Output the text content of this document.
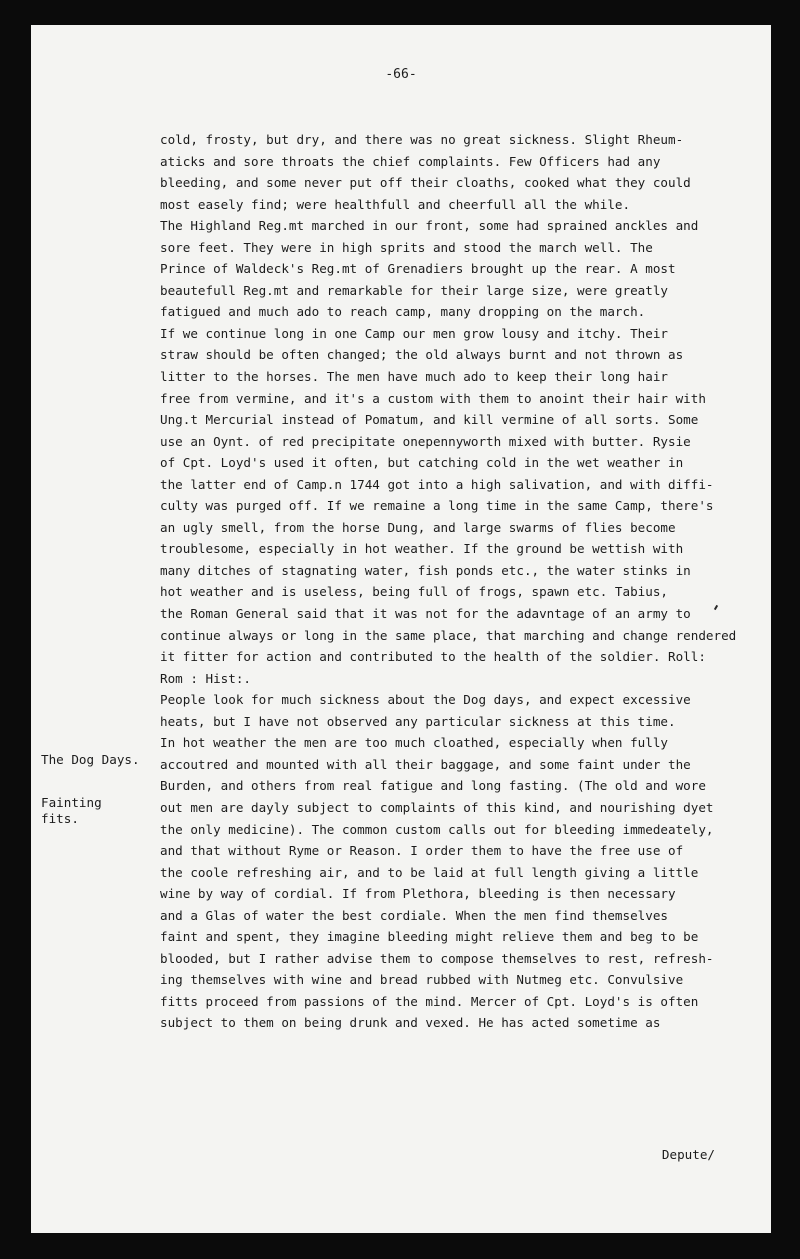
-66-
The Dog Days.
Fainting
fits.
cold, frosty, but dry, and there was no great sickness. Slight Rheum-
aticks and sore throats the chief complaints. Few Officers had any
bleeding, and some never put off their cloaths, cooked what they could
most easely find; were healthfull and cheerfull all the while.
The Highland Reg.mt marched in our front, some had sprained anckles and
sore feet. They were in high sprits and stood the march well. The
Prince of Waldeck's Reg.mt of Grenadiers brought up the rear. A most
beautefull Reg.mt and remarkable for their large size, were greatly
fatigued and much ado to reach camp, many dropping on the march.
If we continue long in one Camp our men grow lousy and itchy. Their
straw should be often changed; the old always burnt and not thrown as
litter to the horses. The men have much ado to keep their long hair
free from vermine, and it's a custom with them to anoint their hair with
Ung.t Mercurial instead of Pomatum, and kill vermine of all sorts. Some
use an Oynt. of red precipitate onepennyworth mixed with butter. Rysie
of Cpt. Loyd's used it often, but catching cold in the wet weather in
the latter end of Camp.n 1744 got into a high salivation, and with diffi-
culty was purged off. If we remaine a long time in the same Camp, there's
an ugly smell, from the horse Dung, and large swarms of flies become
troublesome, especially in hot weather. If the ground be wettish with
many ditches of stagnating water, fish ponds etc., the water stinks in
hot weather and is useless, being full of frogs, spawn etc. Tabius,
the Roman General said that it was not for the adavntage of an army to
continue always or long in the same place, that marching and change rendered
it fitter for action and contributed to the health of the soldier. Roll:
Rom : Hist:.
People look for much sickness about the Dog days, and expect excessive
heats, but I have not observed any particular sickness at this time.
In hot weather the men are too much cloathed, especially when fully
accoutred and mounted with all their baggage, and some faint under the
Burden, and others from real fatigue and long fasting. (The old and wore
out men are dayly subject to complaints of this kind, and nourishing dyet
the only medicine). The common custom calls out for bleeding immedeately,
and that without Ryme or Reason. I order them to have the free use of
the coole refreshing air, and to be laid at full length giving a little
wine by way of cordial. If from Plethora, bleeding is then necessary
and a Glas of water the best cordiale. When the men find themselves
faint and spent, they imagine bleeding might relieve them and beg to be
blooded, but I rather advise them to compose themselves to rest, refresh-
ing themselves with wine and bread rubbed with Nutmeg etc. Convulsive
fitts proceed from passions of the mind. Mercer of Cpt. Loyd's is often
subject to them on being drunk and vexed. He has acted sometime as
Depute/
